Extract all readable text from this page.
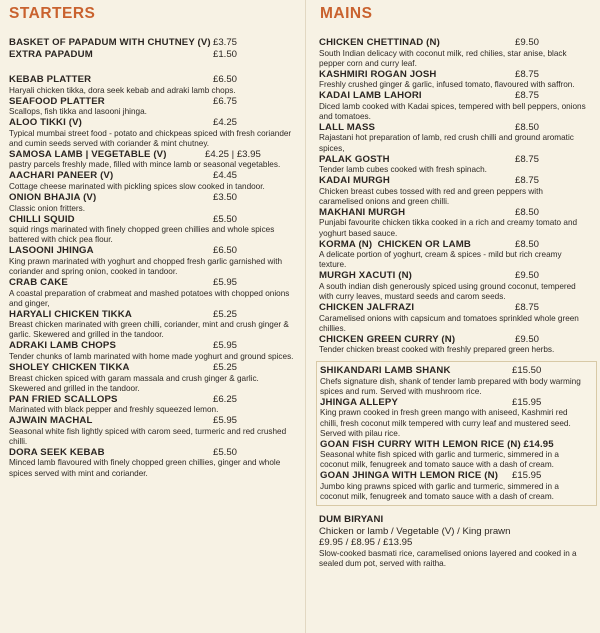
STARTERS
BASKET OF PAPADUM WITH CHUTNEY (V) £3.75
EXTRA PAPADUM	£1.50
KEBAB PLATTER	£6.50
Haryali chicken tikka, dora seek kebab and adraki lamb chops.
SEAFOOD PLATTER	£6.75
Scallops, fish tikka and lasooni jhinga.
ALOO TIKKI (V)	£4.25
Typical mumbai street food - potato and chickpeas spiced with fresh coriander and cumin seeds served with coriander & mint chutney.
SAMOSA LAMB | VEGETABLE (V)	£4.25 | £3.95
pastry parcels freshly made, filled with mince lamb or seasonal vegetables.
AACHARI PANEER (V)	£4.45
Cottage cheese marinated with pickling spices slow cooked in tandoor.
ONION BHAJIA (V)	£3.50
Classic onion fritters.
CHILLI SQUID	£5.50
squid rings marinated with finely chopped green chillies and whole spices battered with chick pea flour.
LASOONI JHINGA	£6.50
King prawn marinated with yoghurt and chopped fresh garlic garnished with coriander and spring onion, cooked in tandoor.
CRAB CAKE	£5.95
A coastal preparation of crabmeat and mashed potatoes with chopped onions and ginger,
HARYALI CHICKEN TIKKA	£5.25
Breast chicken marinated with green chilli, coriander, mint and crush ginger & garlic. Skewered and grilled in the tandoor.
ADRAKI LAMB CHOPS	£5.95
Tender chunks of lamb marinated with home made yoghurt and ground spices.
SHOLEY CHICKEN TIKKA	£5.25
Breast chicken spiced with garam massala and crush ginger & garlic. Skewered and grilled in the tandoor.
PAN FRIED SCALLOPS	£6.25
Marinated with black pepper and freshly squeezed lemon.
AJWAIN MACHAL	£5.95
Seasonal white fish lightly spiced with carom seed, turmeric and red crushed chilli.
DORA SEEK KEBAB	£5.50
Minced lamb flavoured with finely chopped green chillies, ginger and whole spices served with mint and coriander.
MAINS
CHICKEN CHETTINAD (N)	£9.50
South Indian delicacy with coconut milk, red chilies, star anise, black pepper corn and curry leaf.
KASHMIRI ROGAN JOSH	£8.75
Freshly crushed ginger & garlic, infused tomato, flavoured with saffron.
KADAI LAMB LAHORI	£8.75
Diced lamb cooked with Kadai spices, tempered with bell peppers, onions and tomatoes.
LALL MASS	£8.50
Rajastani hot preparation of lamb, red crush chilli and ground aromatic spices,
PALAK GOSTH	£8.75
Tender lamb cubes cooked with fresh spinach.
KADAI MURGH	£8.75
Chicken breast cubes tossed with red and green peppers with caramelised onions and green chilli.
MAKHANI MURGH	£8.50
Punjabi favourite chicken tikka cooked in a rich and creamy tomato and yoghurt based sauce.
KORMA (N)
CHICKEN OR LAMB	£8.50
A delicate portion of yoghurt, cream & spices - mild but rich creamy texture.
MURGH XACUTI (N)	£9.50
A south indian dish generously spiced using ground coconut, tempered with curry leaves, mustard seeds and carom seeds.
CHICKEN JALFRAZI	£8.75
Caramelised onions with capsicum and tomatoes sprinkled whole green chillies.
CHICKEN GREEN CURRY (N)	£9.50
Tender chicken breast cooked with freshly prepared green herbs.
SHIKANDARI LAMB SHANK	£15.50
Chefs signature dish, shank of tender lamb prepared with body warming spices and rum. Served with mushroom rice.
JHINGA ALLEPY	£15.95
King prawn cooked in fresh green mango with aniseed, Kashmiri red chilli, fresh coconut milk tempered with curry leaf and mustered seed. Served with pilau rice.
GOAN FISH CURRY WITH LEMON RICE (N)
£14.95
Seasonal white fish spiced with garlic and turmeric, simmered in a coconut milk, fenugreek and tomato sauce with a dash of cream.
GOAN JHINGA WITH LEMON RICE (N) £15.95
Jumbo king prawns spiced with garlic and turmeric, simmered in a coconut milk, fenugreek and tomato sauce with a dash of cream.
DUM BIRYANI
Chicken or lamb / Vegetable (V) / King prawn
£9.95 / £8.95 / £13.95
Slow-cooked basmati rice, caramelised onions layered and cooked in a sealed dum pot, served with raitha.
